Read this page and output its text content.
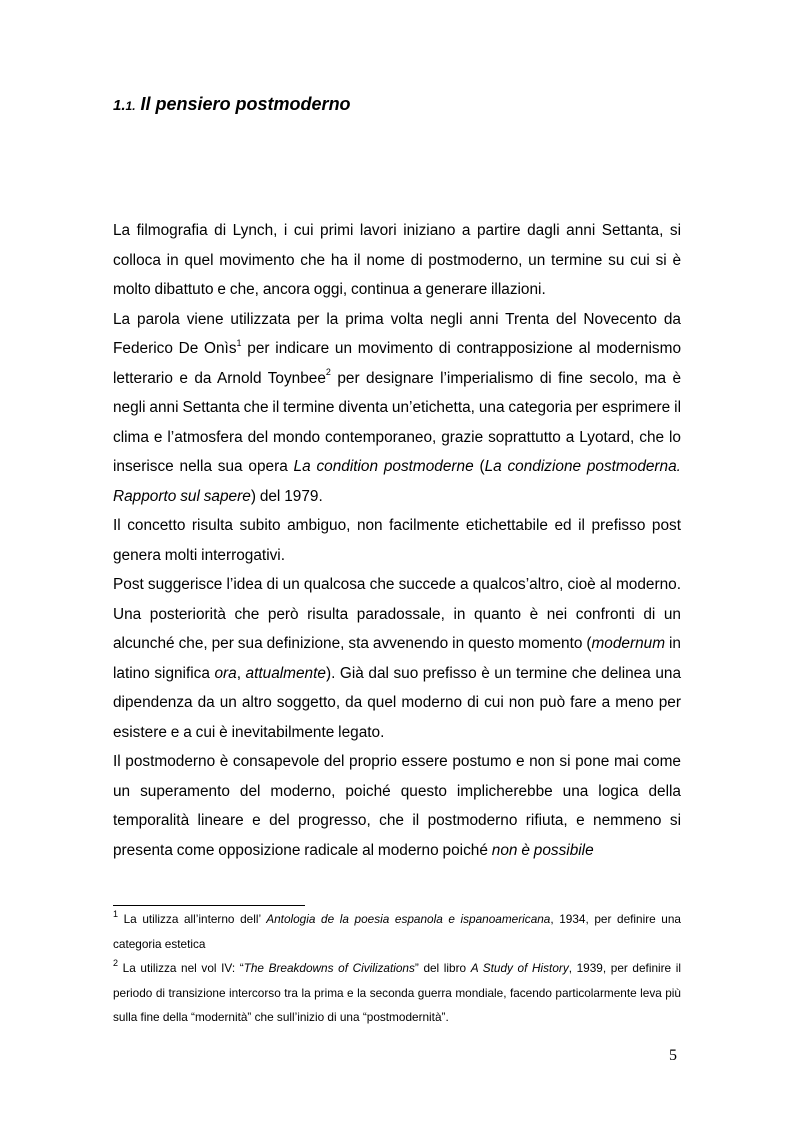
1.1. Il pensiero postmoderno

La filmografia di Lynch, i cui primi lavori iniziano a partire dagli anni Settanta, si colloca in quel movimento che ha il nome di postmoderno, un termine su cui si è molto dibattuto e che, ancora oggi, continua a generare illazioni.

La parola viene utilizzata per la prima volta negli anni Trenta del Novecento da Federico De Onìs$^1$ per indicare un movimento di contrapposizione al modernismo letterario e da Arnold Toynbee$^2$ per designare l’imperialismo di fine secolo, ma è negli anni Settanta che il termine diventa un’etichetta, una categoria per esprimere il clima e l’atmosfera del mondo contemporaneo, grazie soprattutto a Lyotard, che lo inserisce nella sua opera La condition postmoderne (La condizione postmoderna. Rapporto sul sapere) del 1979.

Il concetto risulta subito ambiguo, non facilmente etichettabile ed il prefisso post genera molti interrogativi.

Post suggerisce l’idea di un qualcosa che succede a qualcos’altro, cioè al moderno. Una posteriorità che però risulta paradossale, in quanto è nei confronti di un alcunché che, per sua definizione, sta avvenendo in questo momento (modernum in latino significa ora, attualmente). Già dal suo prefisso è un termine che delinea una dipendenza da un altro soggetto, da quel moderno di cui non può fare a meno per esistere e a cui è inevitabilmente legato.

Il postmoderno è consapevole del proprio essere postumo e non si pone mai come un superamento del moderno, poiché questo implicherebbe una logica della temporalità lineare e del progresso, che il postmoderno rifiuta, e nemmeno si presenta come opposizione radicale al moderno poiché non è possibile

$^1$ La utilizza all’interno dell’ Antologia de la poesia espanola e ispanoamericana, 1934, per definire una categoria estetica

$^2$ La utilizza nel vol IV: “The Breakdowns of Civilizations” del libro A Study of History, 1939, per definire il periodo di transizione intercorso tra la prima e la seconda guerra mondiale, facendo particolarmente leva più sulla fine della “modernità” che sull’inizio di una “postmodernità”.

5
